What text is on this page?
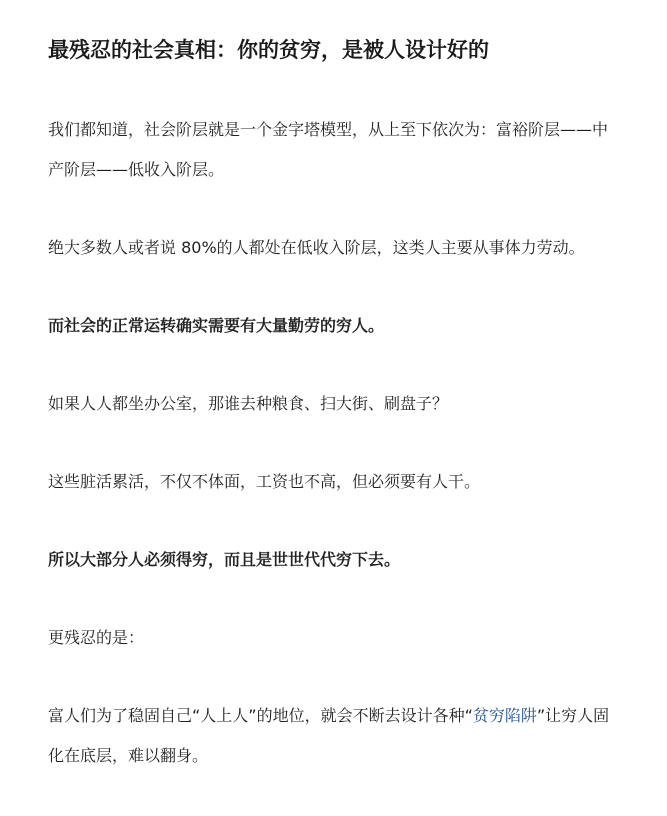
最残忍的社会真相：你的贫穷，是被人设计好的

我们都知道，社会阶层就是一个金字塔模型，从上至下依次为：富裕阶层——中产阶层——低收入阶层。

绝大多数人或者说 80%的人都处在低收入阶层，这类人主要从事体力劳动。

而社会的正常运转确实需要有大量勤劳的穷人。

如果人人都坐办公室，那谁去种粮食、扫大街、刷盘子？

这些脏活累活，不仅不体面，工资也不高，但必须要有人干。

所以大部分人必须得穷，而且是世世代代穷下去。

更残忍的是：

富人们为了稳固自己“人上人”的地位，就会不断去设计各种“贫穷陷阱”让穷人固化在底层，难以翻身。
